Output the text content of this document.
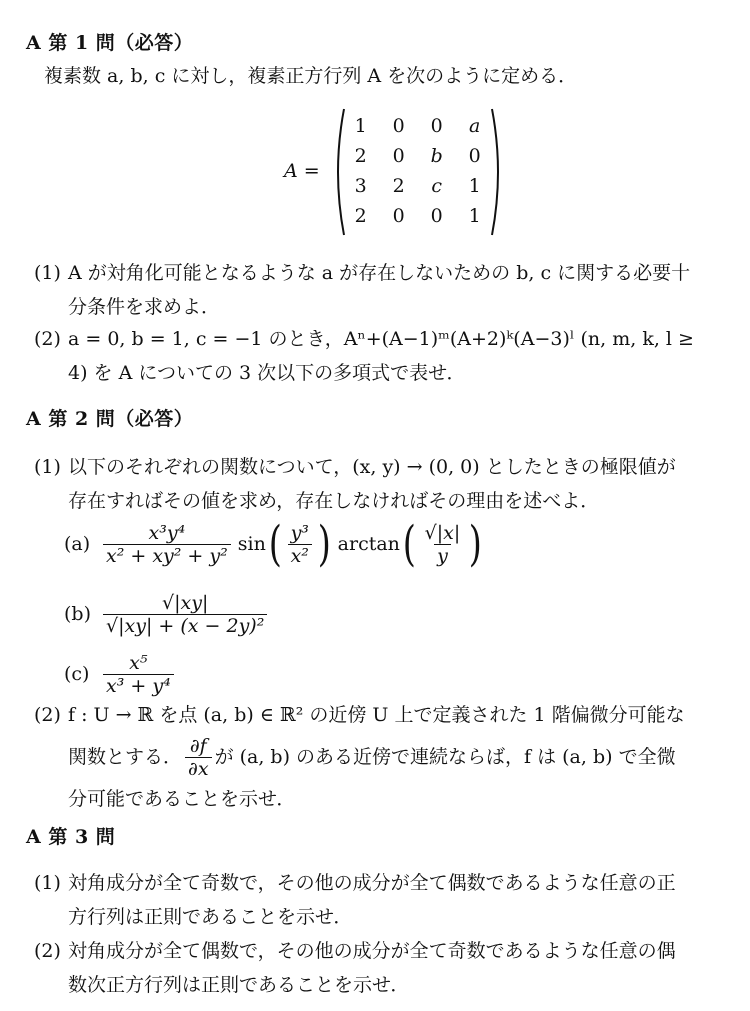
A 第 1 問（必答）
複素数 a, b, c に対し，複素正方行列 A を次のように定める．
A =
1	0	0	a
2	0	b	0
3	2	c	1
2	0	0	1
(1) A が対角化可能となるような a が存在しないための b, c に関する必要十
分条件を求めよ．
(2) a = 0, b = 1, c = −1 のとき，Aⁿ+(A−1)ᵐ(A+2)ᵏ(A−3)ˡ (n, m, k, l ≥
4) を A についての 3 次以下の多項式で表せ．
A 第 2 問（必答）
(1) 以下のそれぞれの関数について，(x, y) → (0, 0) としたときの極限値が
存在すればその値を求め，存在しなければその理由を述べよ．
$(a) \frac{\text{x³y⁴}}{\text{x² + xy² + y²}}$ sin ( $\frac{\text{y³}}{\text{x²}}$ ) arctan ( $\frac{√|x|}{y}$ )
$(b) \frac{√|xy|}{\text{√|xy| + (x − 2y)²}}$
$(c) \frac{\text{x⁵}}{\text{x³ + y⁴}}$
(2) f : U → ℝ を点 (a, b) ∈ ℝ² の近傍 U 上で定義された 1 階偏微分可能な
関数とする． $\frac{\partial f}{\partial x}$ が (a, b) のある近傍で連続ならば，f は (a, b) で全微
分可能であることを示せ．
A 第 3 問
(1) 対角成分が全て奇数で，その他の成分が全て偶数であるような任意の正
方行列は正則であることを示せ．
(2) 対角成分が全て偶数で，その他の成分が全て奇数であるような任意の偶
数次正方行列は正則であることを示せ．
